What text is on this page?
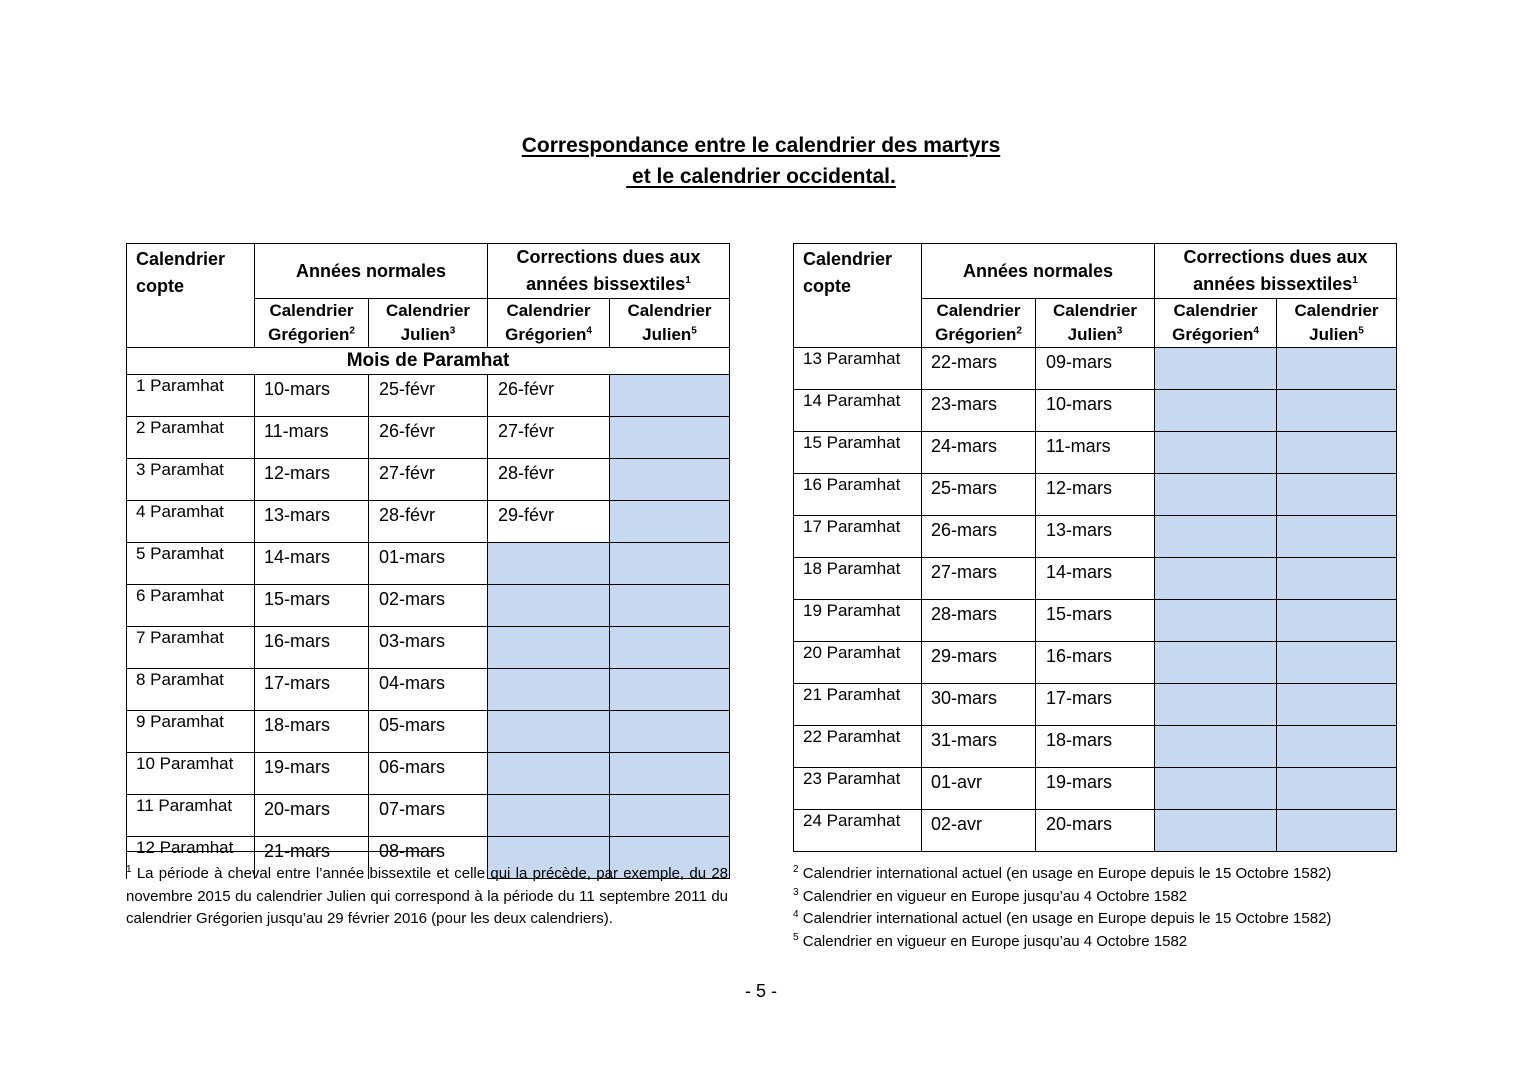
Correspondance entre le calendrier des martyrs
et le calendrier occidental.
Calendrier copte	Années normales		Corrections dues aux années bissextiles$^1$
	Calendrier Grégorien$^2$	Calendrier Julien$^3$	Calendrier Grégorien$^4$	Calendrier Julien$^5$
Mois de Paramhat				
1 Paramhat	10-mars	25-févr	26-févr	
2 Paramhat	11-mars	26-févr	27-févr	
3 Paramhat	12-mars	27-févr	28-févr	
4 Paramhat	13-mars	28-févr	29-févr	
5 Paramhat	14-mars	01-mars		
6 Paramhat	15-mars	02-mars		
7 Paramhat	16-mars	03-mars		
8 Paramhat	17-mars	04-mars		
9 Paramhat	18-mars	05-mars		
10 Paramhat	19-mars	06-mars		
11 Paramhat	20-mars	07-mars		
12 Paramhat	21-mars	08-mars		
Calendrier copte	Années normales		Corrections dues aux années bissextiles$^1$
	Calendrier Grégorien$^2$	Calendrier Julien$^3$	Calendrier Grégorien$^4$	Calendrier Julien$^5$
13 Paramhat	22-mars	09-mars		
14 Paramhat	23-mars	10-mars		
15 Paramhat	24-mars	11-mars		
16 Paramhat	25-mars	12-mars		
17 Paramhat	26-mars	13-mars		
18 Paramhat	27-mars	14-mars		
19 Paramhat	28-mars	15-mars		
20 Paramhat	29-mars	16-mars		
21 Paramhat	30-mars	17-mars		
22 Paramhat	31-mars	18-mars		
23 Paramhat	01-avr	19-mars		
24 Paramhat	02-avr	20-mars		
$^1$ La période à cheval entre l’année bissextile et celle qui la précède, par exemple, du 28 novembre 2015 du calendrier Julien qui correspond à la période du 11 septembre 2011 du calendrier Grégorien jusqu’au 29 février 2016 (pour les deux calendriers).
$^2$ Calendrier international actuel (en usage en Europe depuis le 15 Octobre 1582)
$^3$ Calendrier en vigueur en Europe jusqu’au 4 Octobre 1582
$^4$ Calendrier international actuel (en usage en Europe depuis le 15 Octobre 1582)
$^5$ Calendrier en vigueur en Europe jusqu’au 4 Octobre 1582
- 5 -
